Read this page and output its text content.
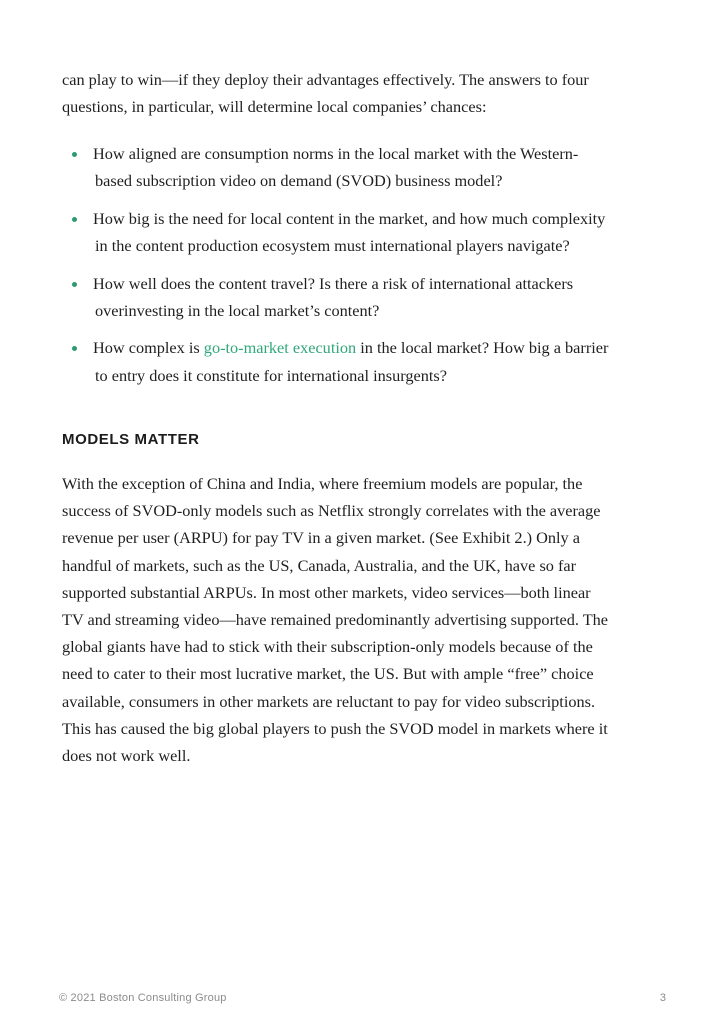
can play to win—if they deploy their advantages effectively. The answers to four
questions, in particular, will determine local companies’ chances:

How aligned are consumption norms in the local market with the Western-
based subscription video on demand (SVOD) business model?
How big is the need for local content in the market, and how much complexity
in the content production ecosystem must international players navigate?
How well does the content travel? Is there a risk of international attackers
overinvesting in the local market’s content?
How complex is go-to-market execution in the local market? How big a barrier
to entry does it constitute for international insurgents?
MODELS MATTER

With the exception of China and India, where freemium models are popular, the
success of SVOD-only models such as Netflix strongly correlates with the average
revenue per user (ARPU) for pay TV in a given market. (See Exhibit 2.) Only a
handful of markets, such as the US, Canada, Australia, and the UK, have so far
supported substantial ARPUs. In most other markets, video services—both linear
TV and streaming video—have remained predominantly advertising supported. The
global giants have had to stick with their subscription-only models because of the
need to cater to their most lucrative market, the US. But with ample “free” choice
available, consumers in other markets are reluctant to pay for video subscriptions.
This has caused the big global players to push the SVOD model in markets where it
does not work well.

© 2021 Boston Consulting Group	3
